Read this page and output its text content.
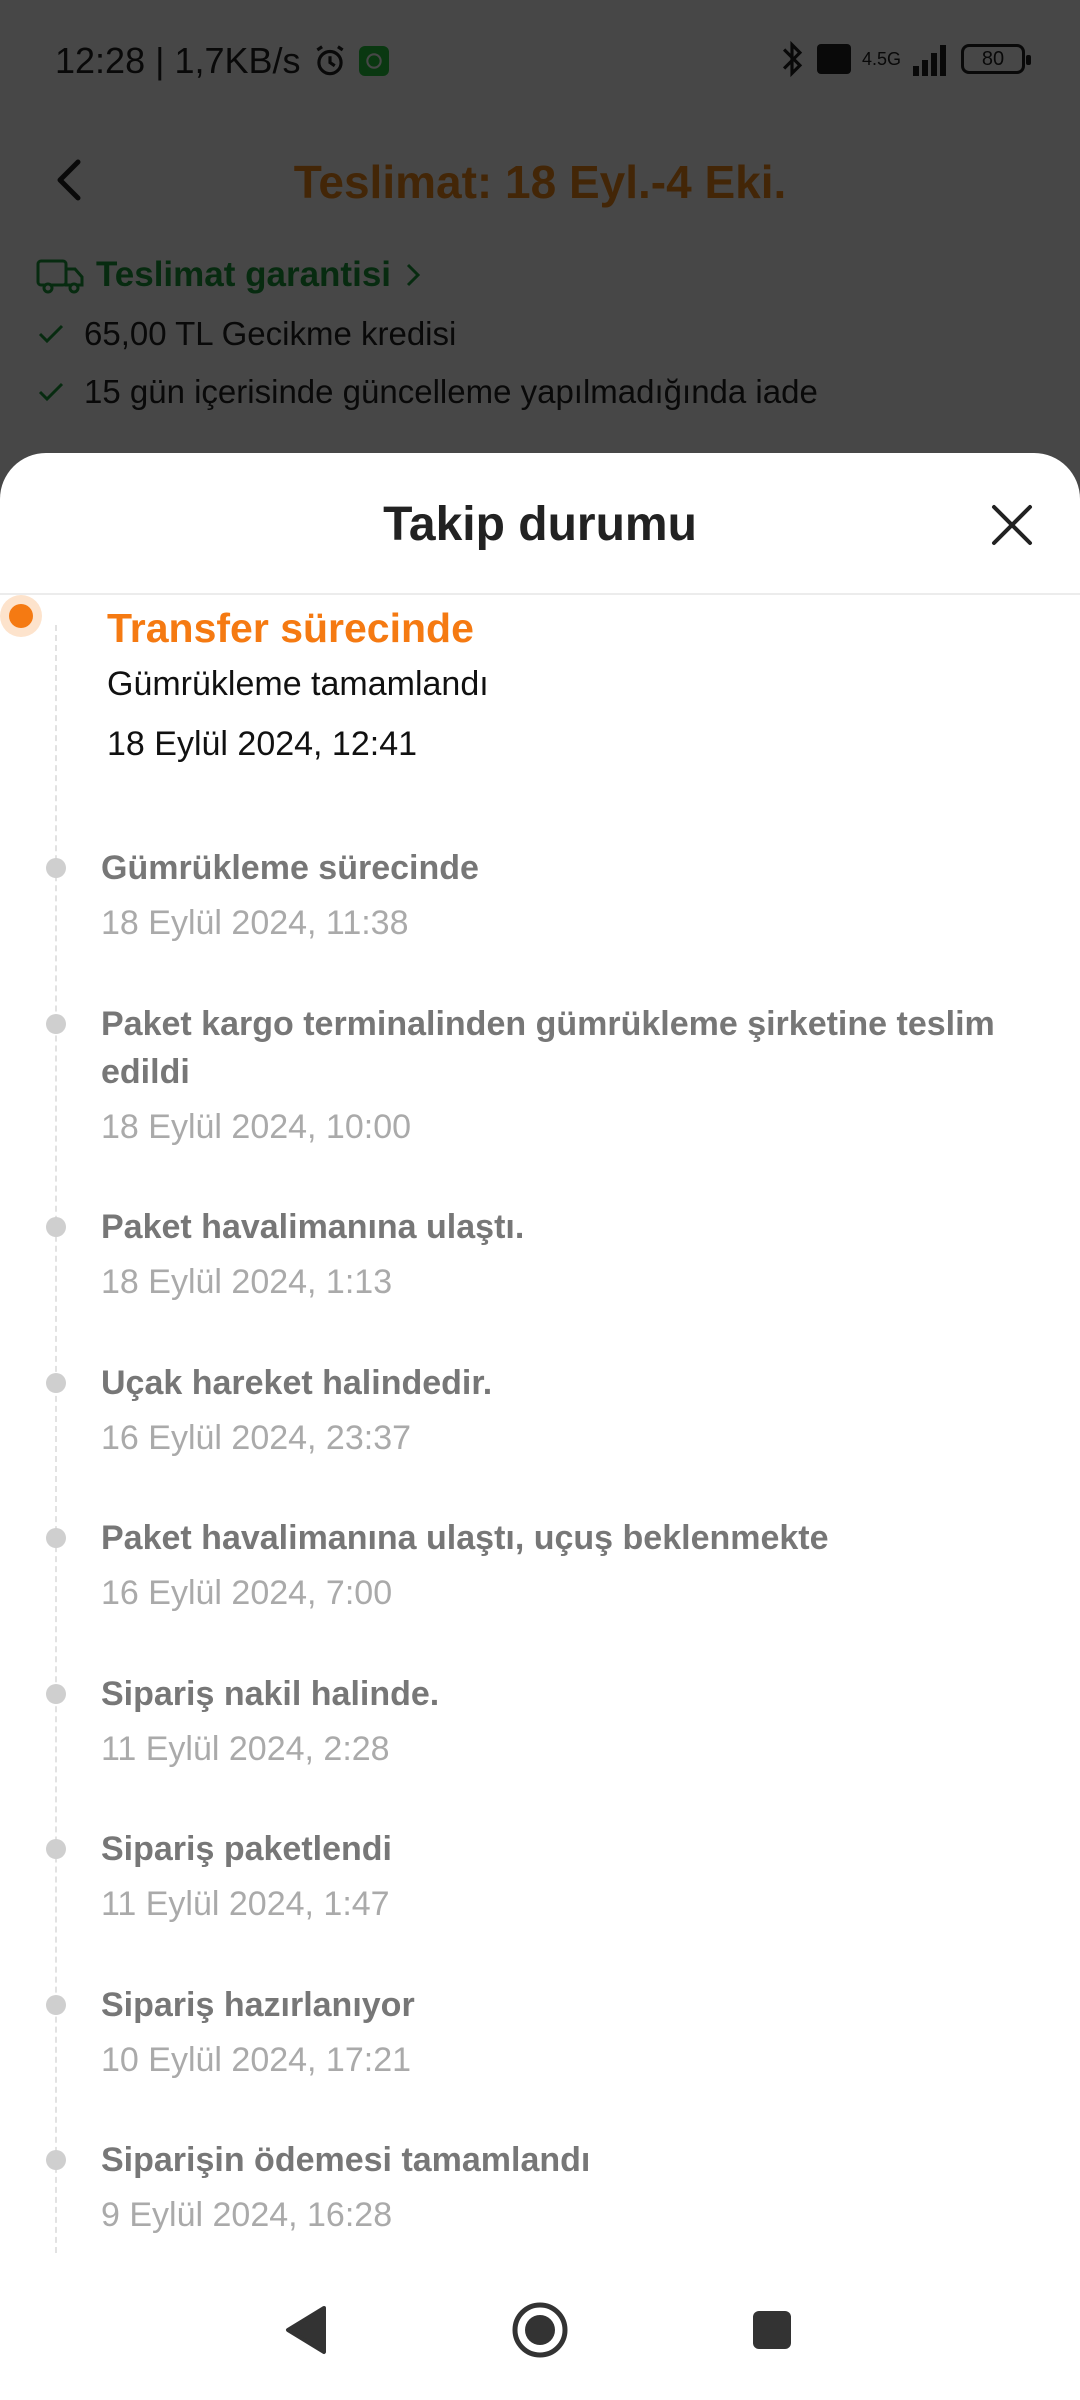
Takip durumu
Transfer sürecinde
Gümrükleme tamamlandı
18 Eylül 2024, 12:41
Gümrükleme sürecinde
18 Eylül 2024, 11:38
Paket kargo terminalinden gümrükleme şirketine teslim edildi
18 Eylül 2024, 10:00
Paket havalimanına ulaştı.
18 Eylül 2024, 1:13
Uçak hareket halindedir.
16 Eylül 2024, 23:37
Paket havalimanına ulaştı, uçuş beklenmekte
16 Eylül 2024, 7:00
Sipariş nakil halinde.
11 Eylül 2024, 2:28
Sipariş paketlendi
11 Eylül 2024, 1:47
Sipariş hazırlanıyor
10 Eylül 2024, 17:21
Siparişin ödemesi tamamlandı
9 Eylül 2024, 16:28
